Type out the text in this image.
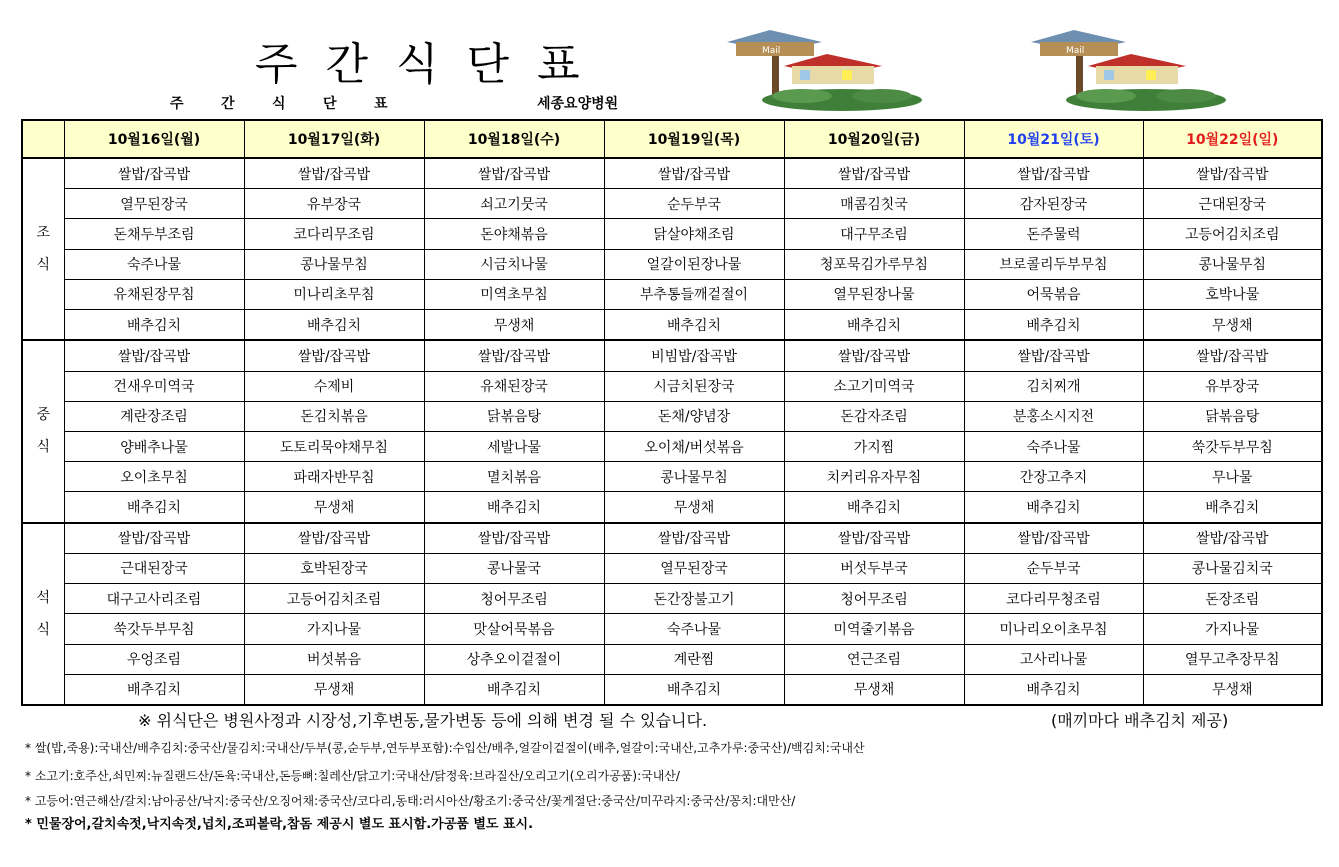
주 간 식 단 표
주	간	식	단	표	세종요양병원
Mail	Mail
	10월16일(월)	10월17일(화)	10월18일(수)	10월19일(목)	10월20일(금)	10월21일(토)	10월22일(일)

조
식	쌀밥/잡곡밥	쌀밥/잡곡밥	쌀밥/잡곡밥	쌀밥/잡곡밥	쌀밥/잡곡밥	쌀밥/잡곡밥	쌀밥/잡곡밥
	열무된장국	유부장국	쇠고기뭇국	순두부국	매콤김칫국	감자된장국	근대된장국
	돈채두부조림	코다리무조림	돈야채볶음	닭살야채조림	대구무조림	돈주물럭	고등어김치조림
	숙주나물	콩나물무침	시금치나물	얼갈이된장나물	청포묵김가루무침	브로콜리두부무침	콩나물무침
	유채된장무침	미나리초무침	미역초무침	부추통들깨겉절이	열무된장나물	어묵볶음	호박나물
	배추김치	배추김치	무생채	배추김치	배추김치	배추김치	무생채

중
식	쌀밥/잡곡밥	쌀밥/잡곡밥	쌀밥/잡곡밥	비빔밥/잡곡밥	쌀밥/잡곡밥	쌀밥/잡곡밥	쌀밥/잡곡밥
	건새우미역국	수제비	유채된장국	시금치된장국	소고기미역국	김치찌개	유부장국
	계란장조림	돈김치볶음	닭볶음탕	돈채/양념장	돈감자조림	분홍소시지전	닭볶음탕
	양배추나물	도토리묵야채무침	세발나물	오이채/버섯볶음	가지찜	숙주나물	쑥갓두부무침
	오이초무침	파래자반무침	멸치볶음	콩나물무침	치커리유자무침	간장고추지	무나물
	배추김치	무생채	배추김치	무생채	배추김치	배추김치	배추김치

석
식	쌀밥/잡곡밥	쌀밥/잡곡밥	쌀밥/잡곡밥	쌀밥/잡곡밥	쌀밥/잡곡밥	쌀밥/잡곡밥	쌀밥/잡곡밥
	근대된장국	호박된장국	콩나물국	열무된장국	버섯두부국	순두부국	콩나물김치국
	대구고사리조림	고등어김치조림	청어무조림	돈간장불고기	청어무조림	코다리무청조림	돈장조림
	쑥갓두부무침	가지나물	맛살어묵볶음	숙주나물	미역줄기볶음	미나리오이초무침	가지나물
	우엉조림	버섯볶음	상추오이겉절이	계란찜	연근조림	고사리나물	열무고추장무침
	배추김치	무생채	배추김치	배추김치	무생채	배추김치	무생채
※ 위식단은 병원사정과 시장성,기후변동,물가변동 등에 의해 변경 될 수 있습니다.	(매끼마다 배추김치 제공)
* 쌀(밥,죽용):국내산/배추김치:중국산/물김치:국내산/두부(콩,순두부,연두부포함):수입산/배추,얼갈이겉절이(배추,얼갈이:국내산,고추가루:중국산)/백김치:국내산
* 소고기:호주산,쇠민찌:뉴질랜드산/돈육:국내산,돈등뼈:칠레산/닭고기:국내산/닭정육:브라질산/오리고기(오리가공품):국내산/
* 고등어:연근해산/갈치:남아공산/낙지:중국산/오징어채:중국산/코다리,동태:러시아산/황조기:중국산/꽃게절단:중국산/미꾸라지:중국산/꽁치:대만산/
* 민물장어,갈치속젓,낙지속젓,넙치,조피볼락,참돔 제공시 별도 표시함.가공품 별도 표시.
